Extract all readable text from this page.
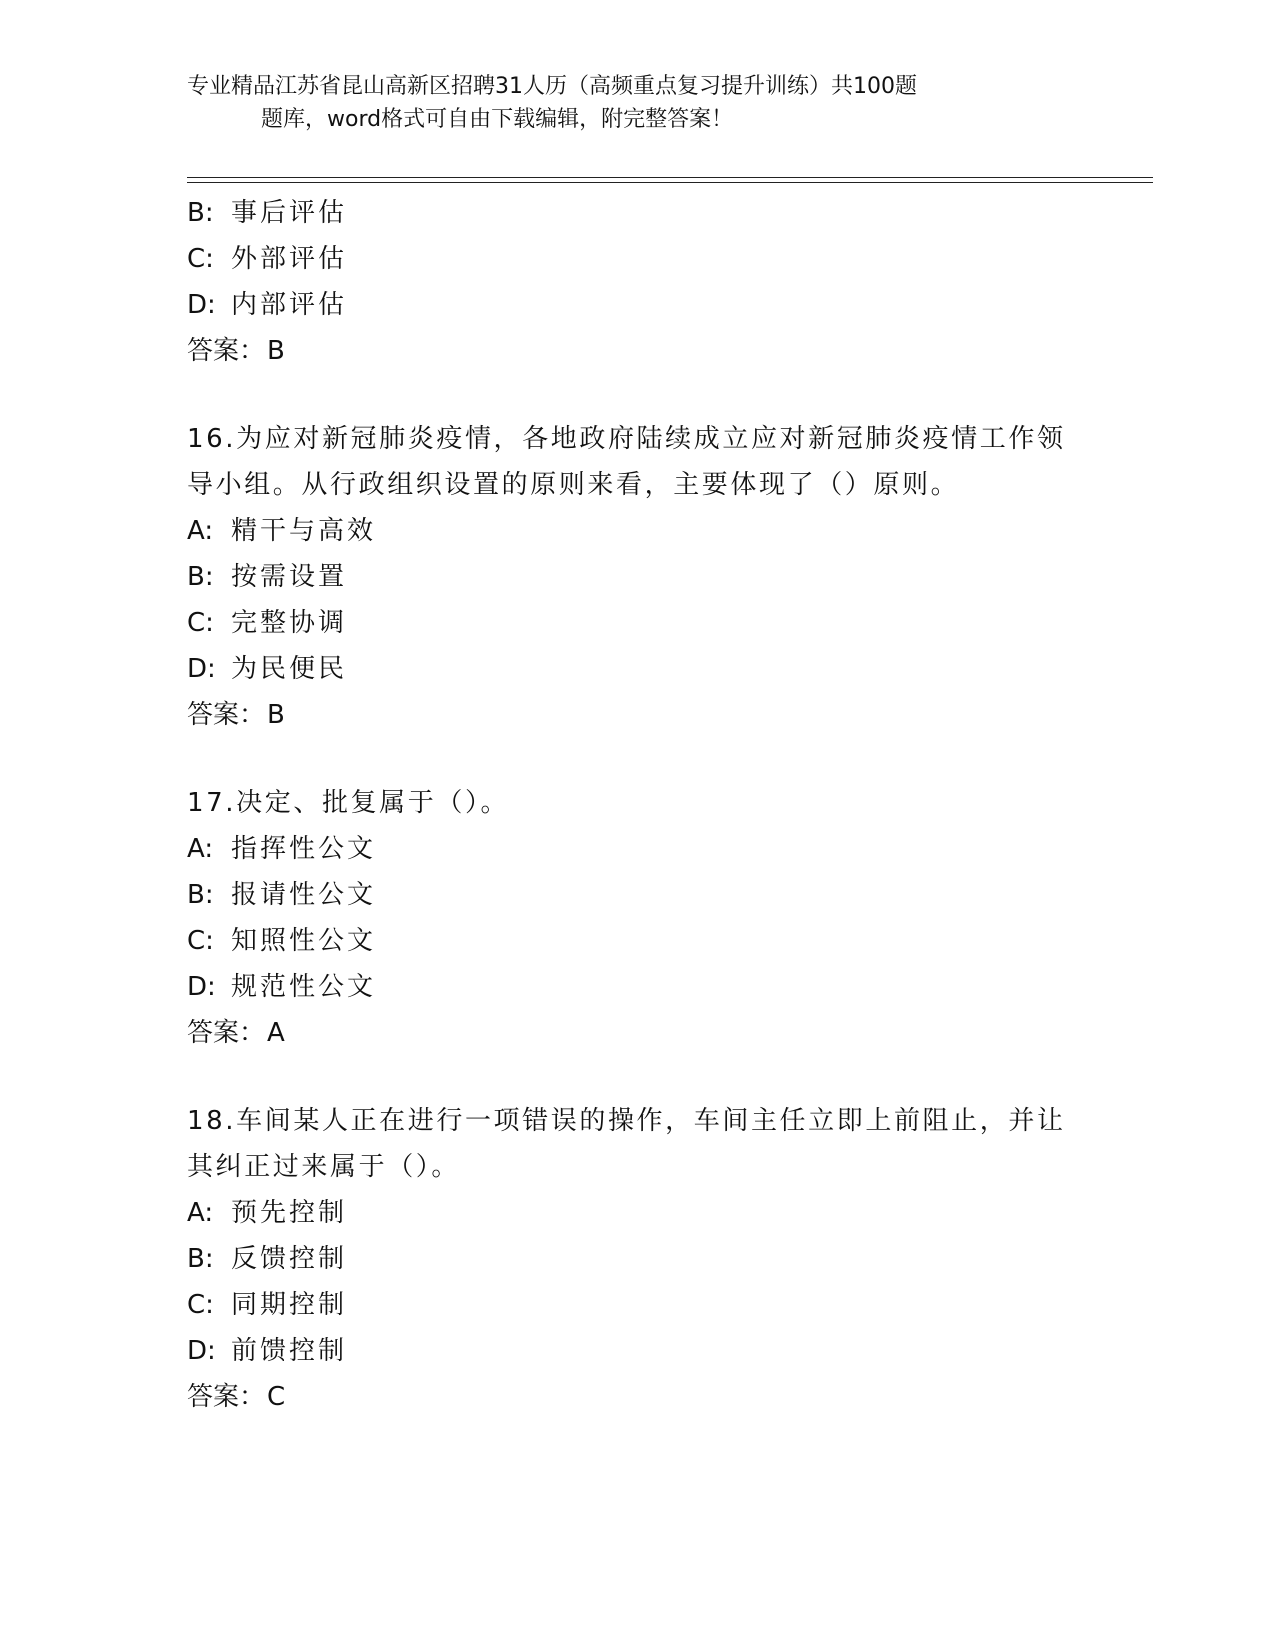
专业精品江苏省昆山高新区招聘31人历（高频重点复习提升训练）共100题
题库，word格式可自由下载编辑，附完整答案！
B: 事后评估
C: 外部评估
D: 内部评估
答案：B
16.为应对新冠肺炎疫情，各地政府陆续成立应对新冠肺炎疫情工作领
导小组。从行政组织设置的原则来看，主要体现了（）原则。
A: 精干与高效
B: 按需设置
C: 完整协调
D: 为民便民
答案：B
17.决定、批复属于（）。
A: 指挥性公文
B: 报请性公文
C: 知照性公文
D: 规范性公文
答案：A
18.车间某人正在进行一项错误的操作，车间主任立即上前阻止，并让
其纠正过来属于（）。
A: 预先控制
B: 反馈控制
C: 同期控制
D: 前馈控制
答案：C
